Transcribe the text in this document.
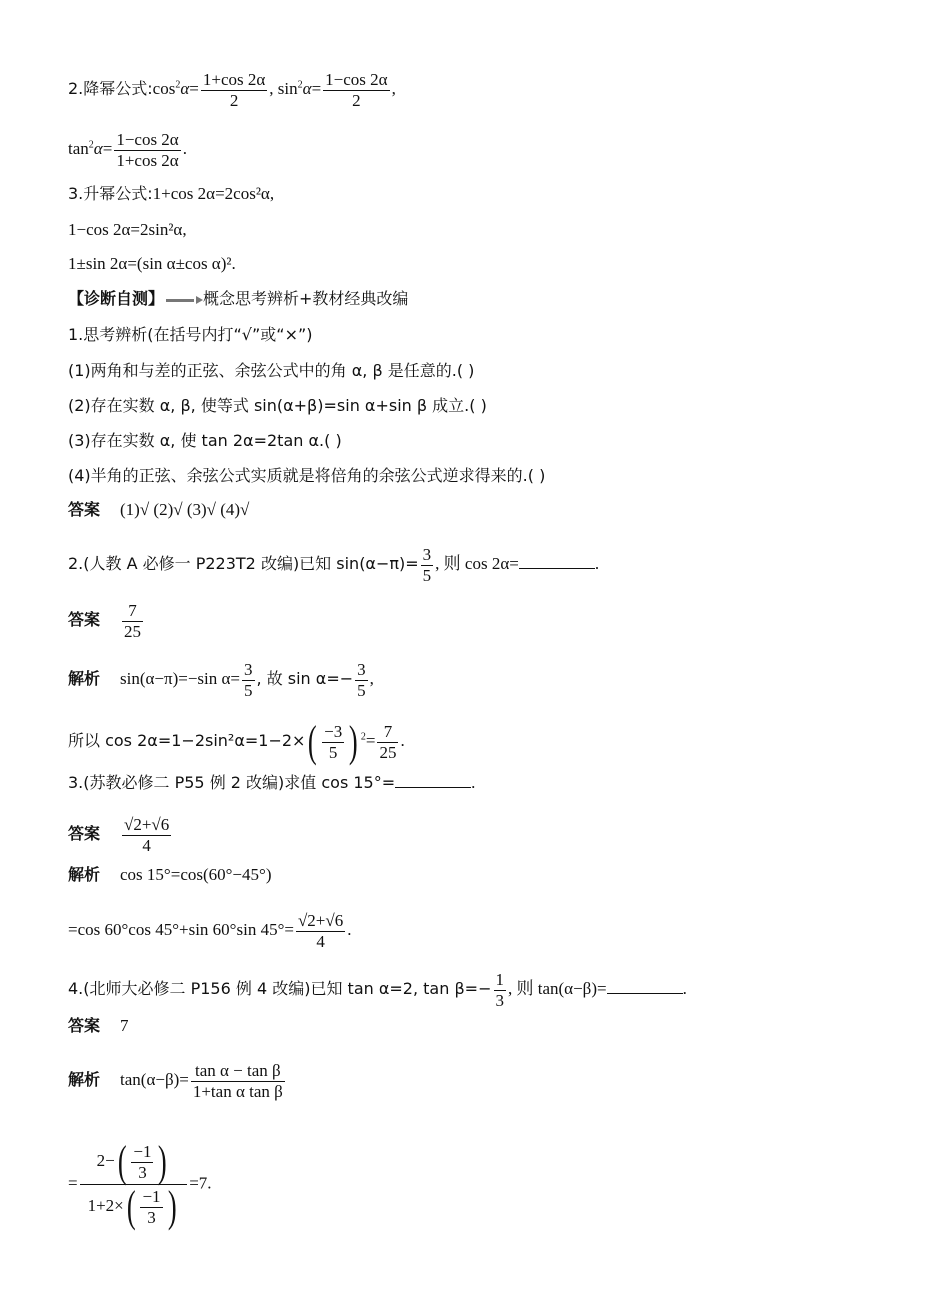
2.降幂公式$:\cos^2\alpha= \frac{1+\cos 2\alpha}{2}$ , $\sin^2\alpha= \frac{1-\cos 2\alpha}{2}$ ,
$\tan^2\alpha= \frac{1-\cos 2\alpha}{1+\cos 2\alpha}$ .
3.升幂公式:1+cos 2α=2cos²α,
1−cos 2α=2sin²α,
1±sin 2α=(sin α±cos α)².
【诊断自测】 概念思考辨析+教材经典改编
1.思考辨析(在括号内打“√”或“×”)
(1)两角和与差的正弦、余弦公式中的角 α, β 是任意的.( )
(2)存在实数 α, β, 使等式 sin(α+β)=sin α+sin β 成立.( )
(3)存在实数 α, 使 tan 2α=2tan α.( )
(4)半角的正弦、余弦公式实质就是将倍角的余弦公式逆求得来的.( )
答案 (1)√ (2)√ (3)√ (4)√
2.(人教 A 必修一 P223T2 改编)已知 $\sin(\alpha-\pi)= \frac{3}{5}$ , 则 cos 2α=	.
答案 $\frac{7}{25}$
解析 sin(α−π)=−sin $\alpha= \frac{3}{5}$ , 故 $\sin \alpha=- \frac{3}{5}$ ,
所以 $\cos 2\alpha=1-2\sin^2\alpha=1-2\times( \frac{-3}{5}$ ) $^2= \frac{7}{25}$ .
3.(苏教必修二 P55 例 2 改编)求值 cos 15°=	.
答案 $\frac{√2+√6}{4}$
解析 cos 15°=cos(60°−45°)
=cos 60°cos 45°+sin 60°sin $45^\circ= \frac{√2+√6}{4}$ .
4.(北师大必修二 P156 例 4 改编)已知 tan α=2, $\tan \beta=- \frac{1}{3}$ , 则 tan(α−β)=	.
答案 7
解析 $\tan(\alpha-\beta)= \frac{\text{tan α − tan β}}{\text{1+tan α tan β}}$
= $\frac{2-( \frac{-1}{3} )}{1+2\times( \frac{-1}{3} )} =7$.
